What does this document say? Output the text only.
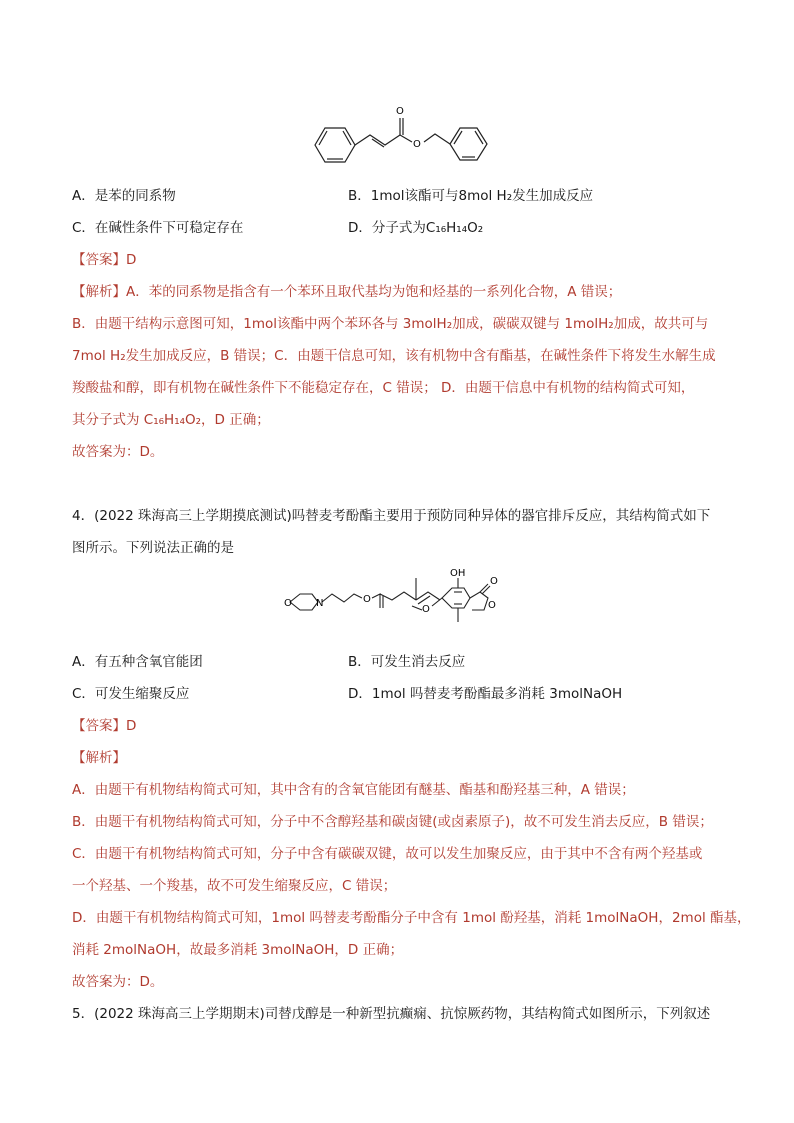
O
O
A．是苯的同系物	B．1mol该酯可与8mol H₂发生加成反应
C．在碱性条件下可稳定存在	D．分子式为C₁₆H₁₄O₂
【答案】D
【解析】A．苯的同系物是指含有一个苯环且取代基均为饱和烃基的一系列化合物，A 错误；
B．由题干结构示意图可知，1mol该酯中两个苯环各与 3molH₂加成，碳碳双键与 1molH₂加成，故共可与
7mol H₂发生加成反应，B 错误；C．由题干信息可知，该有机物中含有酯基，在碱性条件下将发生水解生成
羧酸盐和醇，即有机物在碱性条件下不能稳定存在，C 错误； D．由题干信息中有机物的结构简式可知，
其分子式为 C₁₆H₁₄O₂，D 正确；
故答案为：D。
4．(2022 珠海高三上学期摸底测试)吗替麦考酚酯主要用于预防同种异体的器官排斥反应，其结构简式如下
图所示。下列说法正确的是
O N	O
OH
O
O
O
A．有五种含氧官能团	B．可发生消去反应
C．可发生缩聚反应	D．1mol 吗替麦考酚酯最多消耗 3molNaOH
【答案】D
【解析】
A．由题干有机物结构简式可知，其中含有的含氧官能团有醚基、酯基和酚羟基三种，A 错误；
B．由题干有机物结构简式可知，分子中不含醇羟基和碳卤键(或卤素原子)，故不可发生消去反应，B 错误；
C．由题干有机物结构简式可知，分子中含有碳碳双键，故可以发生加聚反应，由于其中不含有两个羟基或
一个羟基、一个羧基，故不可发生缩聚反应，C 错误；
D．由题干有机物结构简式可知，1mol 吗替麦考酚酯分子中含有 1mol 酚羟基，消耗 1molNaOH，2mol 酯基，
消耗 2molNaOH，故最多消耗 3molNaOH，D 正确；
故答案为：D。
5．(2022 珠海高三上学期期末)司替戊醇是一种新型抗癫痫、抗惊厥药物，其结构简式如图所示，下列叙述
